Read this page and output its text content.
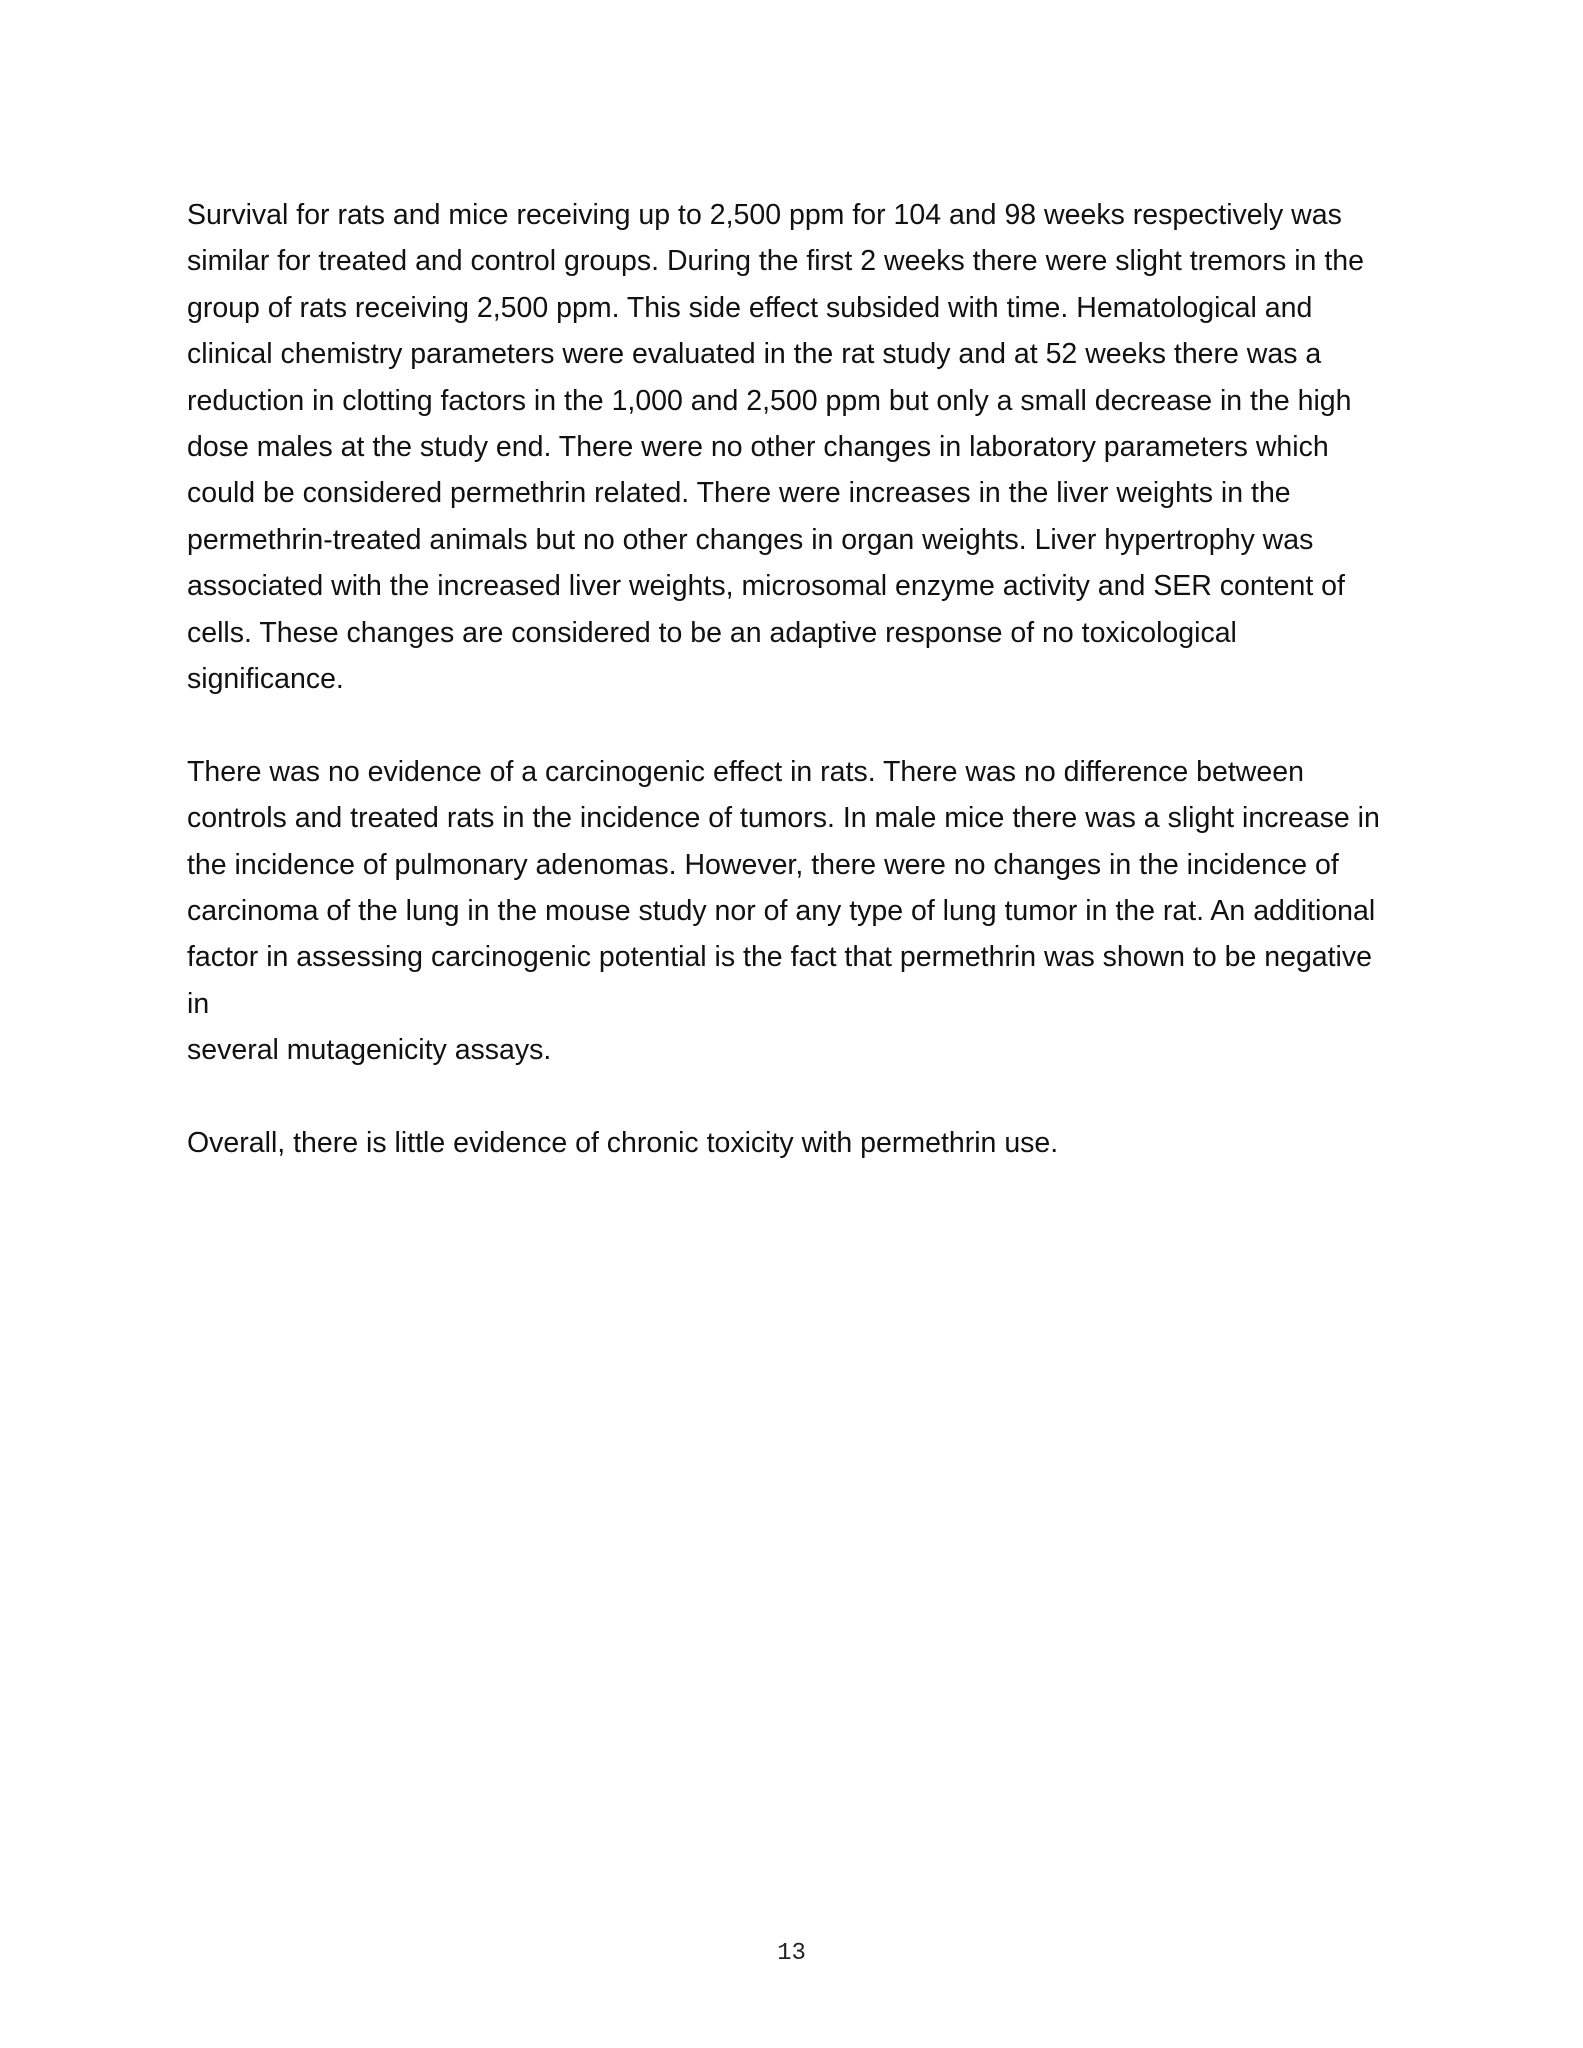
Survival for rats and mice receiving up to 2,500 ppm for 104 and 98 weeks respectively was
similar for treated and control groups. During the first 2 weeks there were slight tremors in the
group of rats receiving 2,500 ppm. This side effect subsided with time. Hematological and
clinical chemistry parameters were evaluated in the rat study and at 52 weeks there was a
reduction in clotting factors in the 1,000 and 2,500 ppm but only a small decrease in the high
dose males at the study end. There were no other changes in laboratory parameters which
could be considered permethrin related. There were increases in the liver weights in the
permethrin-treated animals but no other changes in organ weights. Liver hypertrophy was
associated with the increased liver weights, microsomal enzyme activity and SER content of
cells. These changes are considered to be an adaptive response of no toxicological
significance.

There was no evidence of a carcinogenic effect in rats. There was no difference between
controls and treated rats in the incidence of tumors. In male mice there was a slight increase in
the incidence of pulmonary adenomas. However, there were no changes in the incidence of
carcinoma of the lung in the mouse study nor of any type of lung tumor in the rat. An additional
factor in assessing carcinogenic potential is the fact that permethrin was shown to be negative in
several mutagenicity assays.

Overall, there is little evidence of chronic toxicity with permethrin use.

13
